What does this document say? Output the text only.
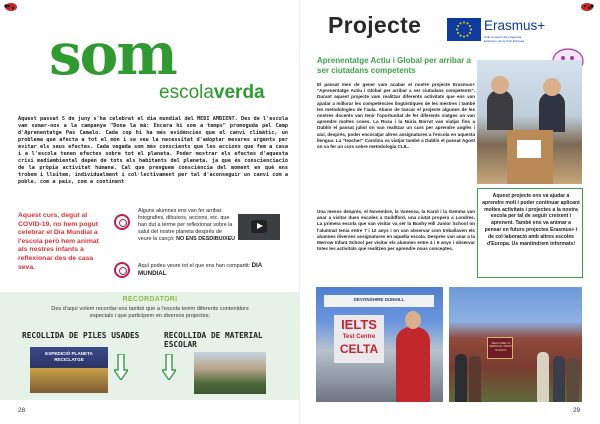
som
escolaverda

Aquest passat 5 de juny s'ha celebrat el dia mundial del MEDI AMBIENT. Des de l'escola vam sumar-nos a la campanya "Dona la mà: Encara hi som a temps" promoguda pel Camp d'Aprenentatge Pas Camalo. Cada cop hi ha més evidències que el canvi climàtic, un problema que afecta a tot el món i se veu la necessitat d'adoptar mesures urgents per evitar els seus efectes. Cada vegada som més conscients que les accions que fem a casa i a l'escola tenen efectes sobre tot el planeta. Poder mostrar els efectes d'aquesta crisi mediambiental depèn de tots els habitants del planeta, ja que és conscienciació de la pròpia activitat humana. Cal que prenguem consciència del moment en què ens trobem i lluitem, individualment i col·lectivament per tal d'aconseguir un canvi com a poble, com a país, com a continent

Aquest curs, degut al COVID-19, no hem pogut celebrar el Dia Mundial a l'escola però hem animat als nostres infants a reflexionar des de casa seva.

Alguns alumnes ens van fer arribar fotografies, dibuixos, accions, etc. que han dut a terme per reflexionar sobre la salut del nostre planeta després de veure la cançó: NO ENS DESDIBUIXEU

Aquí podeu veure tot el que ens han compartit: DIA MUNDIAL

RECORDATORI

Des d'aquí volem recordar-vos també que a l'escola tenim diferents contenidors especials i que participem en diversos projectes:

RECOLLIDA DE PILES USADES	RECOLLIDA DE MATERIAL ESCOLAR
EXPEDICIÓ PLANETA RECICLATGE
28
Projecte	Erasmus+
Amb el suport del programa Erasmus+ de la Unió Europea
Aprenentatge Actiu i Global per arribar a ser ciutadans competents

El passat mes de gener vam acabar el nostre projecte Erasmus+ "Aprenentatge Actiu i Global per arribar a ser ciutadans competents". Durant aquest projecte vam realitzar diferents activitats que ens van ajudar a millorar les competències lingüístiques de les mestres i també les metodologies de l'aula. Abans de tancar el projecte algunes de les nostres docents van tenir l'oportunitat de fer diferents viatges on van aprendre moltes coses. La Rosa i la Núria Borrut van viatjar fins a Dublín el passat juliol on van realitzar un curs per aprendre anglès i així, després, poder encoratjar altres assignatures a l'escola en aquesta llengua. La "teacher" Carolina va viatjar també a Dublín el passat Agost on va fer un curs sobre metodologia CLIL.

Una mesos després, el Novembre, la Vanessa, la Karol i la Gemma van anar a visitar dues escoles a Guildford, una ciutat propera a Londres. La primera escola que van visitar va ser la Bushy Hill Junior School on l'alumnat tenia entre 7 i 12 anys i on van observar com treballaven els alumnes diverses assignatures en aquella escola. Després van anar a la Merrow Infant School per visitar els alumnes entre 4 i 6 anys i observar totes les activitats que realitzen per aprendre nous conceptes.

Aquest projecte ens va ajudar a aprendre molt i poder continuar aplicant moltes activitats i projectes a la nostra escola per tal de seguir creixent i aprenent. També ens va animar a pensar en futurs projectes Erasmus+ i de col·laboració amb altres escoles d'Europa. Us mantindrem informats!

DEVONSHIRE DUNHILL
IELTS
Test Centre
CELTA	WELCOME TO MERROW INFANT SCHOOL
29
